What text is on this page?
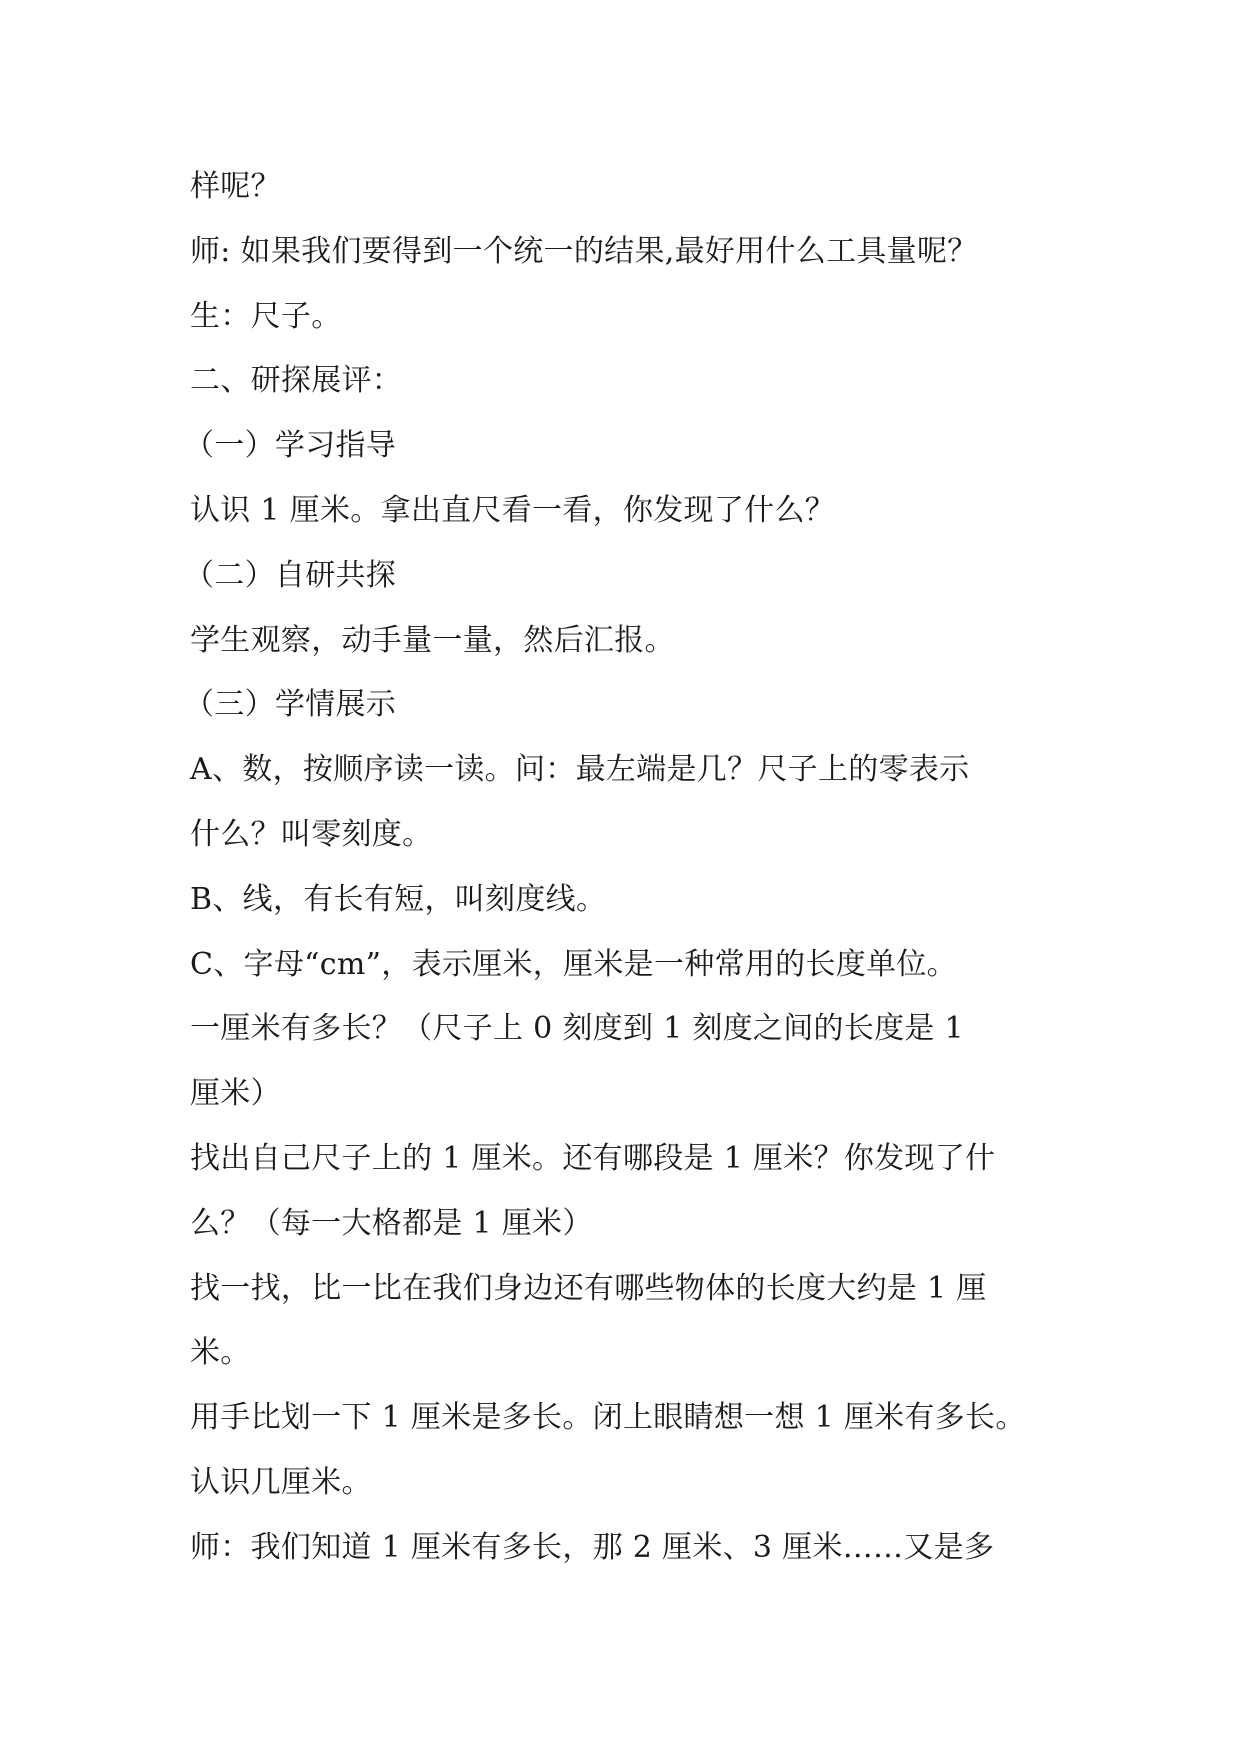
样呢？
师: 如果我们要得到一个统一的结果,最好用什么工具量呢？
生：尺子。
二、研探展评：
（一）学习指导
认识 1 厘米。拿出直尺看一看，你发现了什么？
（二）自研共探
学生观察，动手量一量，然后汇报。
（三）学情展示
A、数，按顺序读一读。问：最左端是几？尺子上的零表示
什么？叫零刻度。
B、线，有长有短，叫刻度线。
C、字母“cm”，表示厘米，厘米是一种常用的长度单位。
一厘米有多长？（尺子上 0 刻度到 1 刻度之间的长度是 1
厘米）
找出自己尺子上的 1 厘米。还有哪段是 1 厘米？你发现了什
么？（每一大格都是 1 厘米）
找一找，比一比在我们身边还有哪些物体的长度大约是 1 厘
米。
用手比划一下 1 厘米是多长。闭上眼睛想一想 1 厘米有多长。
认识几厘米。
师：我们知道 1 厘米有多长，那 2 厘米、3 厘米……又是多
